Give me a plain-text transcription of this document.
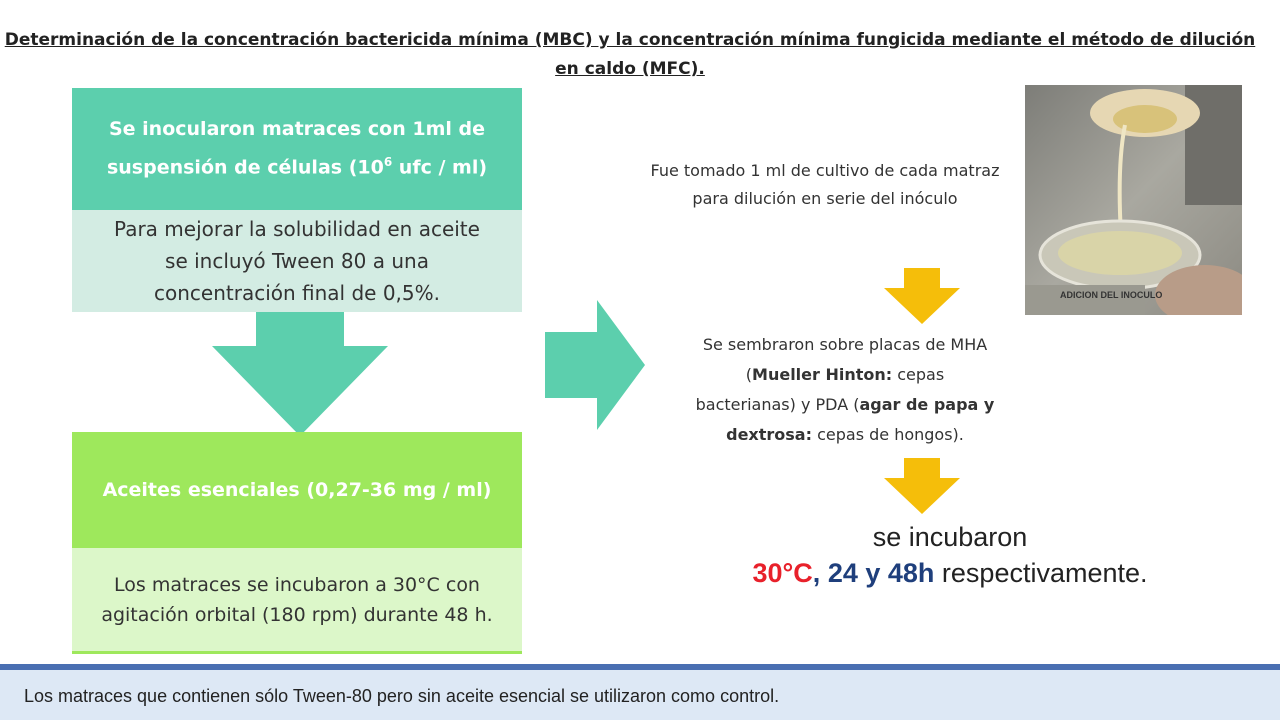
Determinación de la concentración bactericida mínima (MBC) y la concentración mínima fungicida mediante el método de dilución en caldo (MFC).
Se inocularon matraces con 1ml de suspensión de células ($10^6$ ufc / ml)
Para mejorar la solubilidad en aceite se incluyó Tween 80 a una concentración final de 0,5%.
Aceites esenciales (0,27-36 mg / ml)
Los matraces se incubaron a 30°C con agitación orbital (180 rpm) durante 48 h.
Fue tomado 1 ml de cultivo de cada matraz para dilución en serie del inóculo
Se sembraron sobre placas de MHA (Mueller Hinton: cepas bacterianas) y PDA (agar de papa y dextrosa: cepas de hongos).
se incubaron
30°C, 24 y 48h respectivamente.
ADICION DEL INOCULO
Los matraces que contienen sólo Tween-80 pero sin aceite esencial se utilizaron como control.
